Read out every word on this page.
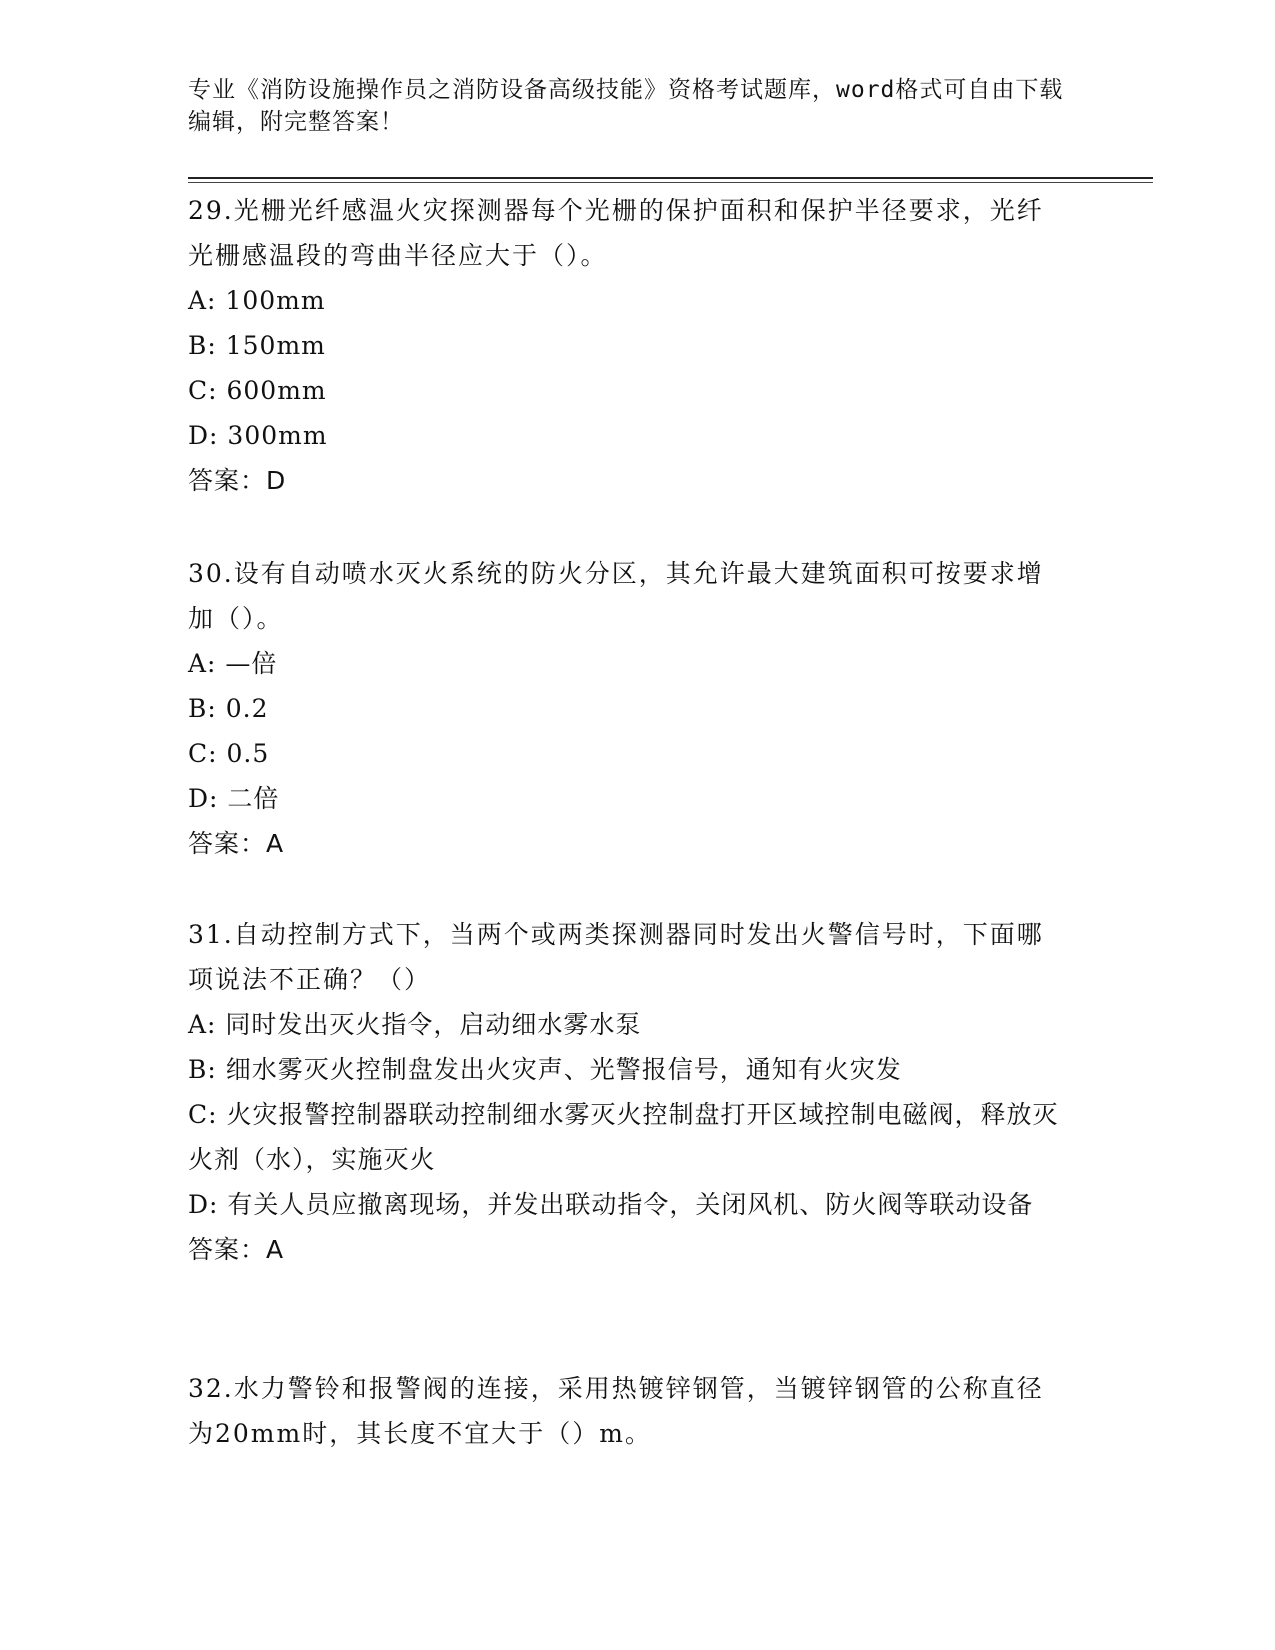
专业《消防设施操作员之消防设备高级技能》资格考试题库，word格式可自由下载编辑，附完整答案！
29.光栅光纤感温火灾探测器每个光栅的保护面积和保护半径要求，光纤光栅感温段的弯曲半径应大于（）。
A: 100mm
B: 150mm
C: 600mm
D: 300mm
答案：D
30.设有自动喷水灭火系统的防火分区，其允许最大建筑面积可按要求增加（）。
A: —倍
B: 0.2
C: 0.5
D: 二倍
答案：A
31.自动控制方式下，当两个或两类探测器同时发出火警信号时，下面哪项说法不正确？（）
A: 同时发出灭火指令，启动细水雾水泵
B: 细水雾灭火控制盘发出火灾声、光警报信号，通知有火灾发
C: 火灾报警控制器联动控制细水雾灭火控制盘打开区域控制电磁阀，释放灭火剂（水），实施灭火
D: 有关人员应撤离现场，并发出联动指令，关闭风机、防火阀等联动设备
答案：A
32.水力警铃和报警阀的连接，采用热镀锌钢管，当镀锌钢管的公称直径为20mm时，其长度不宜大于（）m。
